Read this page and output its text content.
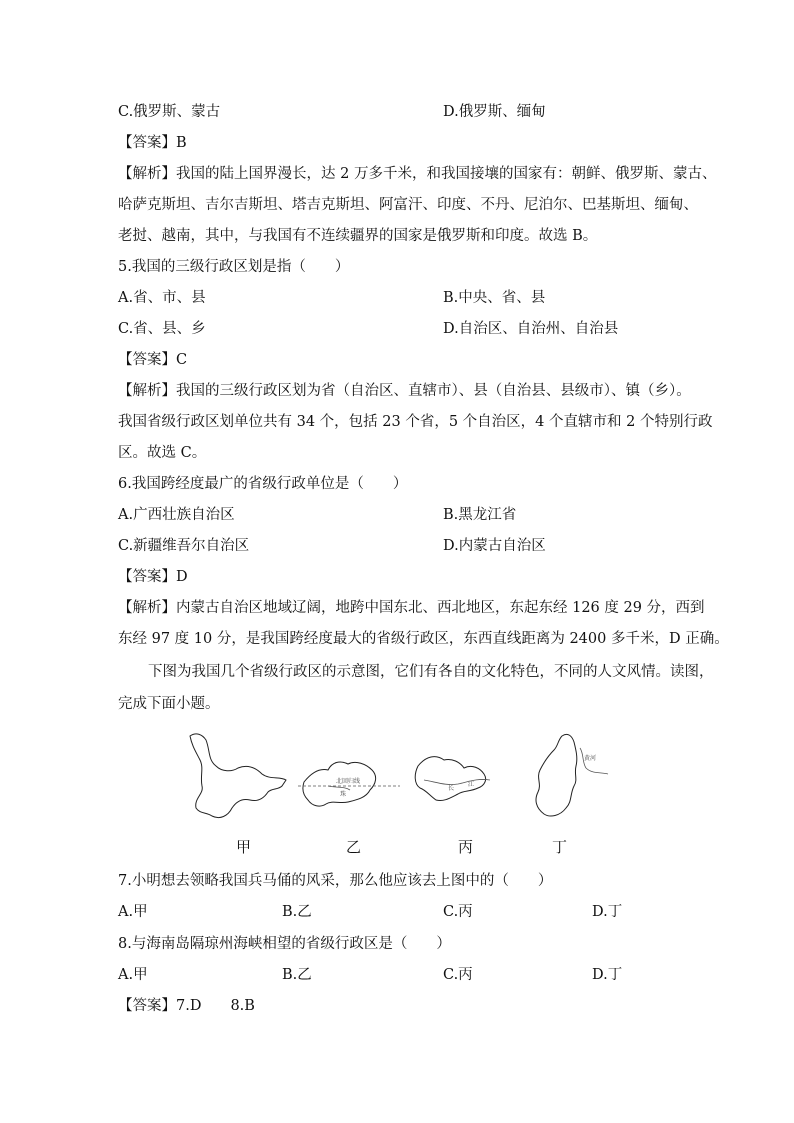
C.俄罗斯、蒙古	D.俄罗斯、缅甸
【答案】B
【解析】我国的陆上国界漫长，达 2 万多千米，和我国接壤的国家有：朝鲜、俄罗斯、蒙古、
哈萨克斯坦、吉尔吉斯坦、塔吉克斯坦、阿富汗、印度、不丹、尼泊尔、巴基斯坦、缅甸、
老挝、越南，其中，与我国有不连续疆界的国家是俄罗斯和印度。故选 B。
5.我国的三级行政区划是指（　　）
A.省、市、县	B.中央、省、县
C.省、县、乡	D.自治区、自治州、自治县
【答案】C
【解析】我国的三级行政区划为省（自治区、直辖市）、县（自治县、县级市）、镇（乡）。
我国省级行政区划单位共有 34 个，包括 23 个省，5 个自治区，4 个直辖市和 2 个特别行政
区。故选 C。
6.我国跨经度最广的省级行政单位是（　　）
A.广西壮族自治区	B.黑龙江省
C.新疆维吾尔自治区	D.内蒙古自治区
【答案】D
【解析】内蒙古自治区地域辽阔，地跨中国东北、西北地区，东起东经 126 度 29 分，西到
东经 97 度 10 分，是我国跨经度最大的省级行政区，东西直线距离为 2400 多千米，D 正确。
下图为我国几个省级行政区的示意图，它们有各自的文化特色，不同的人文风情。读图，
完成下面小题。
北回归线
珠
长
江
黄河
甲	乙	丙	丁
7.小明想去领略我国兵马俑的风采，那么他应该去上图中的（　　）
A.甲	B.乙	C.丙	D.丁
8.与海南岛隔琼州海峡相望的省级行政区是（　　）
A.甲	B.乙	C.丙	D.丁
【答案】7.D　　8.B
